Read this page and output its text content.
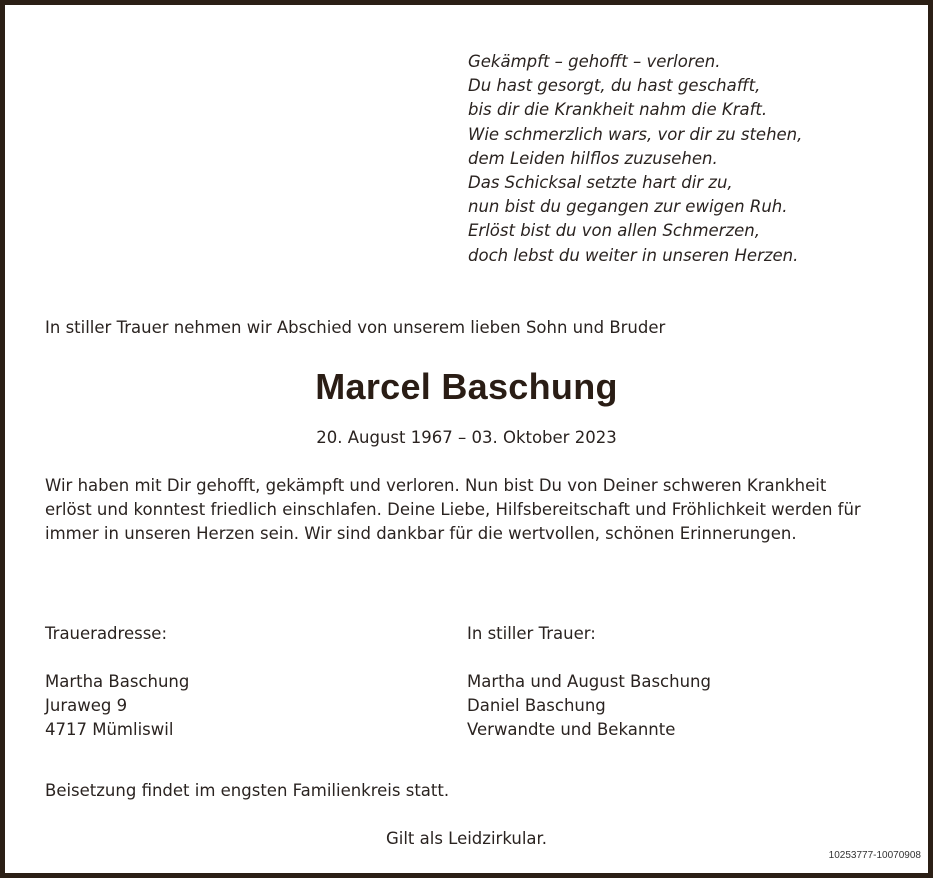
Gekämpft – gehofft – verloren.
Du hast gesorgt, du hast geschafft,
bis dir die Krankheit nahm die Kraft.
Wie schmerzlich wars, vor dir zu stehen,
dem Leiden hilflos zuzusehen.
Das Schicksal setzte hart dir zu,
nun bist du gegangen zur ewigen Ruh.
Erlöst bist du von allen Schmerzen,
doch lebst du weiter in unseren Herzen.
In stiller Trauer nehmen wir Abschied von unserem lieben Sohn und Bruder
Marcel Baschung
20. August 1967 – 03. Oktober 2023
Wir haben mit Dir gehofft, gekämpft und verloren. Nun bist Du von Deiner schweren Krankheit erlöst und konntest friedlich einschlafen. Deine Liebe, Hilfsbereitschaft und Fröhlichkeit werden für immer in unseren Herzen sein. Wir sind dankbar für die wertvollen, schönen Erinnerungen.
Traueradresse:
Martha Baschung
Juraweg 9
4717 Mümliswil
In stiller Trauer:
Martha und August Baschung
Daniel Baschung
Verwandte und Bekannte
Beisetzung findet im engsten Familienkreis statt.
Gilt als Leidzirkular.
10253777-10070908
